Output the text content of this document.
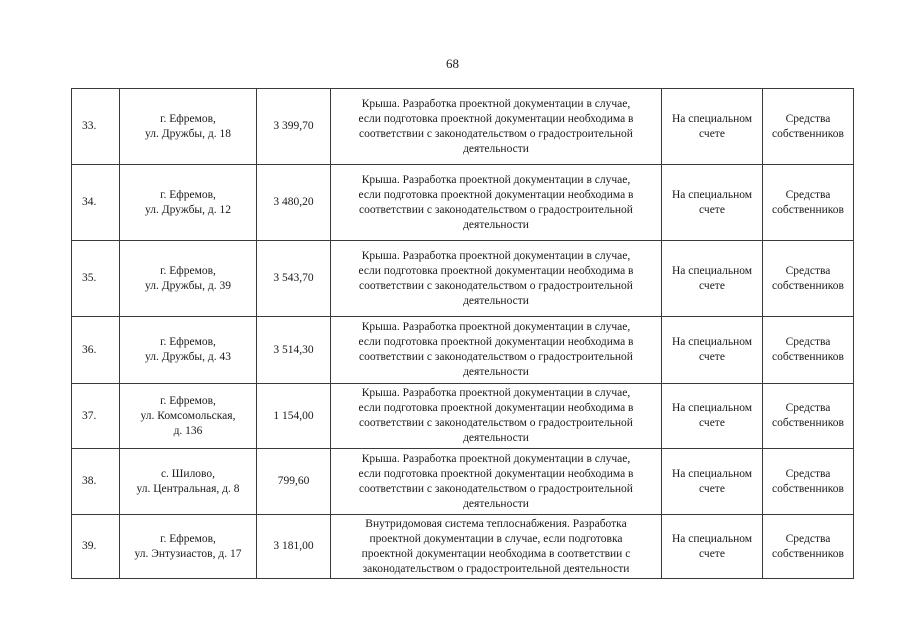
68
33.	г. Ефремов,
ул. Дружбы, д. 18	3 399,70	Крыша. Разработка проектной документации в случае,
если подготовка проектной документации необходима в
соответствии с законодательством о градостроительной
деятельности	На специальном
счете	Средства
собственников

34.	г. Ефремов,
ул. Дружбы, д. 12	3 480,20	Крыша. Разработка проектной документации в случае,
если подготовка проектной документации необходима в
соответствии с законодательством о градостроительной
деятельности	На специальном
счете	Средства
собственников

35.	г. Ефремов,
ул. Дружбы, д. 39	3 543,70	Крыша. Разработка проектной документации в случае,
если подготовка проектной документации необходима в
соответствии с законодательством о градостроительной
деятельности	На специальном
счете	Средства
собственников

36.	г. Ефремов,
ул. Дружбы, д. 43	3 514,30	Крыша. Разработка проектной документации в случае,
если подготовка проектной документации необходима в
соответствии с законодательством о градостроительной
деятельности	На специальном
счете	Средства
собственников

37.	г. Ефремов,
ул. Комсомольская,
д. 136	1 154,00	Крыша. Разработка проектной документации в случае,
если подготовка проектной документации необходима в
соответствии с законодательством о градостроительной
деятельности	На специальном
счете	Средства
собственников

38.	с. Шилово,
ул. Центральная, д. 8	799,60	Крыша. Разработка проектной документации в случае,
если подготовка проектной документации необходима в
соответствии с законодательством о градостроительной
деятельности	На специальном
счете	Средства
собственников

39.	г. Ефремов,
ул. Энтузиастов, д. 17	3 181,00	Внутридомовая система теплоснабжения. Разработка
проектной документации в случае, если подготовка
проектной документации необходима в соответствии с
законодательством о градостроительной деятельности	На специальном
счете	Средства
собственников
